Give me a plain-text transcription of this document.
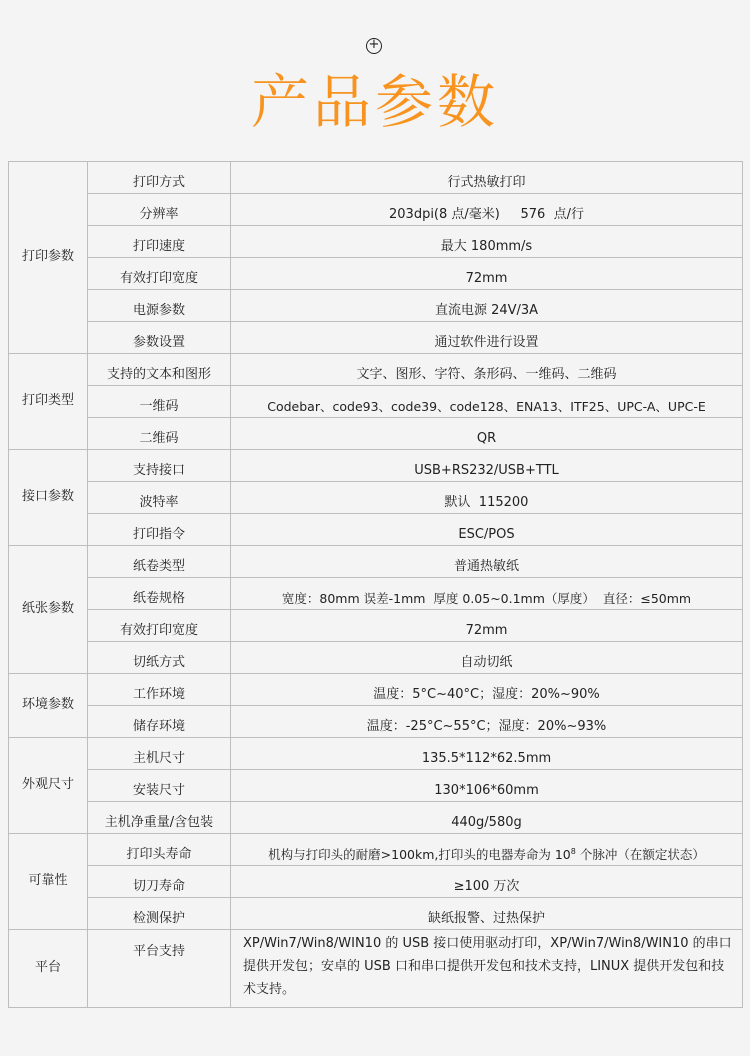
+
产品参数
打印参数	打印方式	行式热敏打印
	分辨率	203dpi(8 点/毫米)     576  点/行
	打印速度	最大 180mm/s
	有效打印宽度	72mm
	电源参数	直流电源 24V/3A
	参数设置	通过软件进行设置
打印类型	支持的文本和图形	文字、图形、字符、条形码、一维码、二维码
	一维码	Codebar、code93、code39、code128、ENA13、ITF25、UPC-A、UPC-E
	二维码	QR
接口参数	支持接口	USB+RS232/USB+TTL
	波特率	默认  115200
	打印指令	ESC/POS
纸张参数	纸卷类型	普通热敏纸
	纸卷规格	宽度：80mm 误差-1mm  厚度 0.05~0.1mm（厚度）  直径：≤50mm
	有效打印宽度	72mm
	切纸方式	自动切纸
环境参数	工作环境	温度：5°C~40°C；湿度：20%~90%
	储存环境	温度：-25°C~55°C；湿度：20%~93%
外观尺寸	主机尺寸	135.5*112*62.5mm
	安装尺寸	130*106*60mm
	主机净重量/含包装	440g/580g
可靠性	打印头寿命	机构与打印头的耐磨>100km,打印头的电器寿命为 $10^8$ 个脉冲（在额定状态）
	切刀寿命	≥100 万次
	检测保护	缺纸报警、过热保护
平台	平台支持	XP/Win7/Win8/WIN10 的 USB 接口使用驱动打印，XP/Win7/Win8/WIN10 的串口提供开发包；安卓的 USB 口和串口提供开发包和技术支持，LINUX 提供开发包和技术支持。
